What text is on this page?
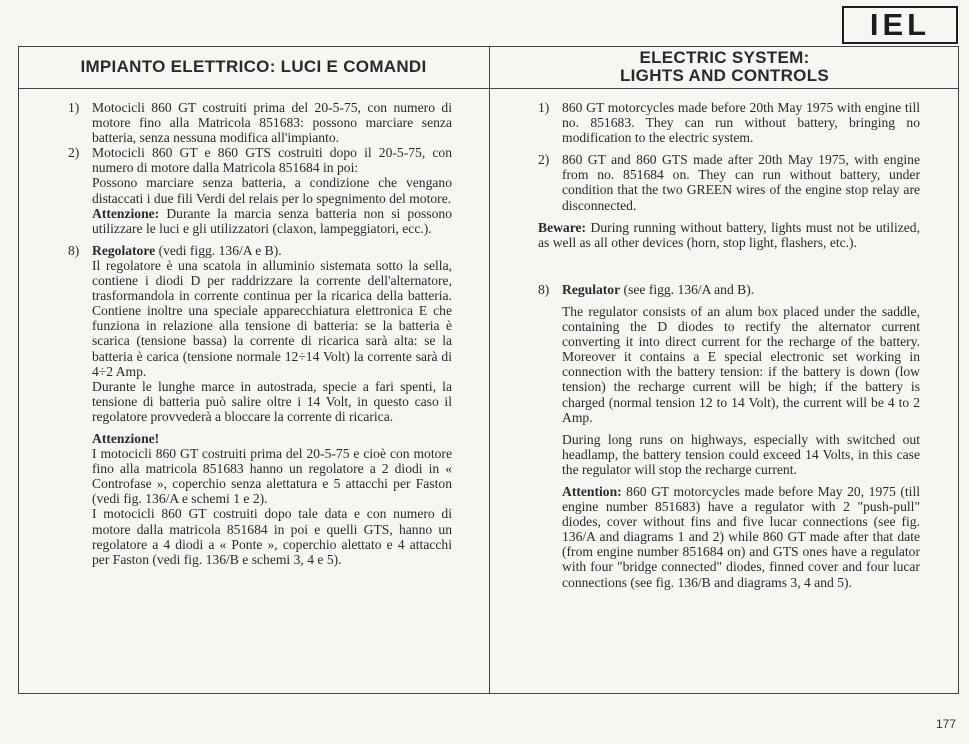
IEL
IMPIANTO ELETTRICO: LUCI E COMANDI	ELECTRIC SYSTEM:
LIGHTS AND CONTROLS
1) Motocicli 860 GT costruiti prima del 20-5-75, con numero di motore fino alla Matricola 851683: possono marciare senza batteria, senza nessuna modifica all'impianto.

2) Motocicli 860 GT e 860 GTS costruiti dopo il 20-5-75, con numero di motore dalla Matricola 851684 in poi:

Possono marciare senza batteria, a condizione che vengano distaccati i due fili Verdi del relais per lo spegnimento del motore.

Attenzione: Durante la marcia senza batteria non si possono utilizzare le luci e gli utilizzatori (claxon, lampeggiatori, ecc.).
8) Regolatore (vedi figg. 136/A e B).

Il regolatore è una scatola in alluminio sistemata sotto la sella, contiene i diodi D per raddrizzare la corrente dell'alternatore, trasformandola in corrente continua per la ricarica della batteria. Contiene inoltre una speciale apparecchiatura elettronica E che funziona in relazione alla tensione di batteria: se la batteria è scarica (tensione bassa) la corrente di ricarica sarà alta: se la batteria è carica (tensione normale 12÷14 Volt) la corrente sarà di 4÷2 Amp.

Durante le lunghe marce in autostrada, specie a fari spenti, la tensione di batteria può salire oltre i 14 Volt, in questo caso il regolatore provvederà a bloccare la corrente di ricarica.

Attenzione!

I motocicli 860 GT costruiti prima del 20-5-75 e cioè con motore fino alla matricola 851683 hanno un regolatore a 2 diodi in « Controfase », coperchio senza alettatura e 5 attacchi per Faston (vedi fig. 136/A e schemi 1 e 2).

I motocicli 860 GT costruiti dopo tale data e con numero di motore dalla matricola 851684 in poi e quelli GTS, hanno un regolatore a 4 diodi a « Ponte », coperchio alettato e 4 attacchi per Faston (vedi fig. 136/B e schemi 3, 4 e 5).

1) 860 GT motorcycles made before 20th May 1975 with engine till no. 851683. They can run without battery, bringing no modification to the electric system.

2) 860 GT and 860 GTS made after 20th May 1975, with engine from no. 851684 on. They can run without battery, under condition that the two GREEN wires of the engine stop relay are disconnected.

Beware: During running without battery, lights must not be utilized, as well as all other devices (horn, stop light, flashers, etc.).
8) Regulator (see figg. 136/A and B).

The regulator consists of an alum box placed under the saddle, containing the D diodes to rectify the alternator current converting it into direct current for the recharge of the battery. Moreover it contains a E special electronic set working in connection with the battery tension: if the battery is down (low tension) the recharge current will be high; if the battery is charged (normal tension 12 to 14 Volt), the current will be 4 to 2 Amp.

During long runs on highways, especially with switched out headlamp, the battery tension could exceed 14 Volts, in this case the regulator will stop the recharge current.

Attention: 860 GT motorcycles made before May 20, 1975 (till engine number 851683) have a regulator with 2 "push-pull" diodes, cover without fins and five lucar connections (see fig. 136/A and diagrams 1 and 2) while 860 GT made after that date (from engine number 851684 on) and GTS ones have a regulator with four "bridge connected" diodes, finned cover and four lucar connections (see fig. 136/B and diagrams 3, 4 and 5).

177
